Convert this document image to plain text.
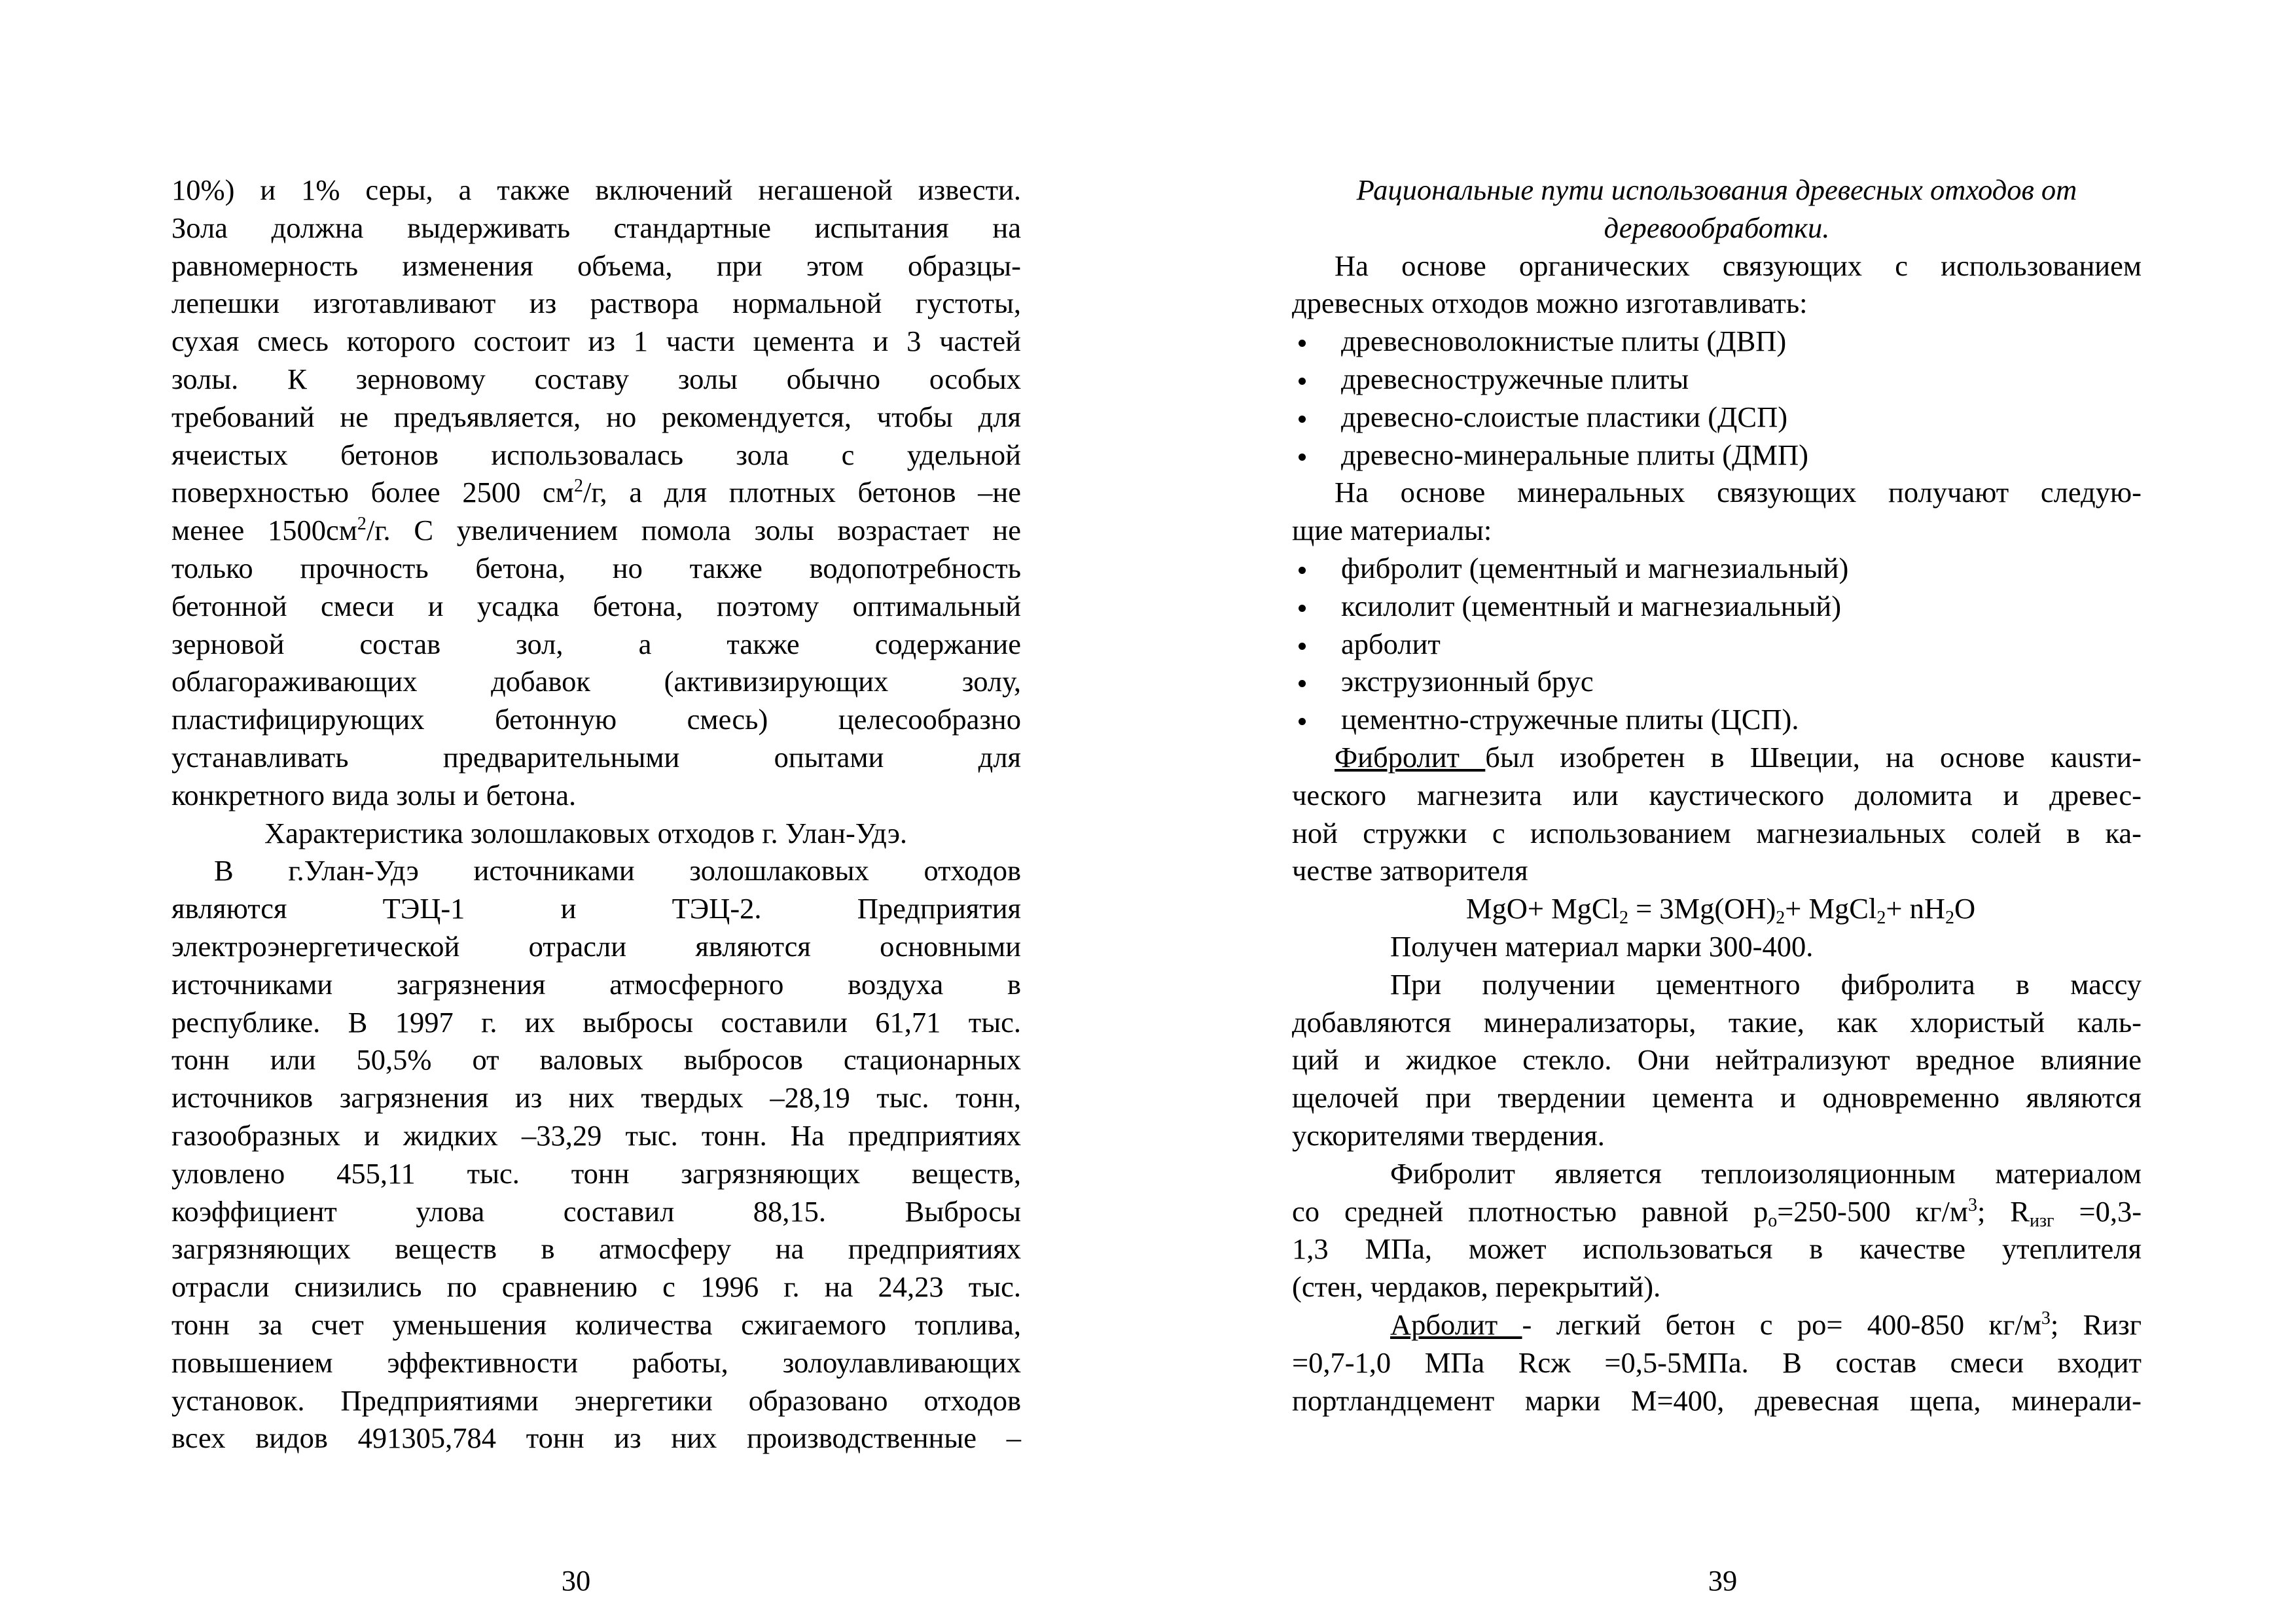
10%) и 1% серы, а также включений негашеной извести.

Зола должна выдерживать стандартные испытания на

равномерность изменения объема, при этом образцы-

лепешки изготавливают из раствора нормальной густоты,

сухая смесь которого состоит из 1 части цемента и 3 частей

золы. К зерновому составу золы обычно особых

требований не предъявляется, но рекомендуется, чтобы для

ячеистых бетонов использовалась зола с удельной

поверхностью более 2500 $см^2/г$, а для плотных бетонов –не

менее $1500см^2/г$. С увеличением помола золы возрастает не

только прочность бетона, но также водопотребность

бетонной смеси и усадка бетона, поэтому оптимальный

зерновой состав зол, а также содержание

облагораживающих добавок (активизирующих золу,

пластифицирующих бетонную смесь) целесообразно

устанавливать предварительными опытами для

конкретного вида золы и бетона.

Характеристика золошлаковых отходов г. Улан-Удэ.

В г.Улан-Удэ источниками золошлаковых отходов

являются ТЭЦ-1 и ТЭЦ-2. Предприятия

электроэнергетической отрасли являются основными

источниками загрязнения атмосферного воздуха в

республике. В 1997 г. их выбросы составили 61,71 тыс.

тонн или 50,5% от валовых выбросов стационарных

источников загрязнения из них твердых –28,19 тыс. тонн,

газообразных и жидких –33,29 тыс. тонн. На предприятиях

уловлено 455,11 тыс. тонн загрязняющих веществ,

коэффициент улова составил 88,15. Выбросы

загрязняющих веществ в атмосферу на предприятиях

отрасли снизились по сравнению с 1996 г. на 24,23 тыс.

тонн за счет уменьшения количества сжигаемого топлива,

повышением эффективности работы, золоулавливающих

установок. Предприятиями энергетики образовано отходов

всех видов 491305,784 тонн из них производственные –

30

Рациональные пути использования древесных отходов от

деревообработки.

На основе органических связующих с использованием

древесных отходов можно изготавливать:

древесноволокнистые плиты (ДВП)
древесностружечные плиты
древесно-слоистые пластики (ДСП)
древесно-минеральные плиты (ДМП)

На основе минеральных связующих получают следую-

щие материалы:

фибролит (цементный и магнезиальный)
ксилолит (цементный и магнезиальный)
арболит
экструзионный брус
цементно-стружечные плиты (ЦСП).

Фибролит был изобретен в Швеции, на основе кausти-

ческого магнезита или каустического доломита и древес-

ной стружки с использованием магнезиальных солей в ка-

честве затворителя

MgO+ MgCl$_2$ = $3Mg(OH)_2+$ MgCl$_2$+ $nH_2O$

Получен материал марки 300-400.

При получении цементного фибролита в массу

добавляются минерализаторы, такие, как хлористый каль-

ций и жидкое стекло. Они нейтрализуют вредное влияние

щелочей при твердении цемента и одновременно являются

ускорителями твердения.

Фибролит является теплоизоляционным материалом

со средней плотностью равной $р_о=250-500$ $кг/м^3$; $R_{изг} =0,3-$

1,3 МПа, может использоваться в качестве утеплителя

(стен, чердаков, перекрытий).

Арболит - легкий бетон с ро= 400-850 $кг/м^3$; Rизг

=0,7-1,0 МПа Rсж =0,5-5МПа. В состав смеси входит

портландцемент марки М=400, древесная щепа, минерали-

39
